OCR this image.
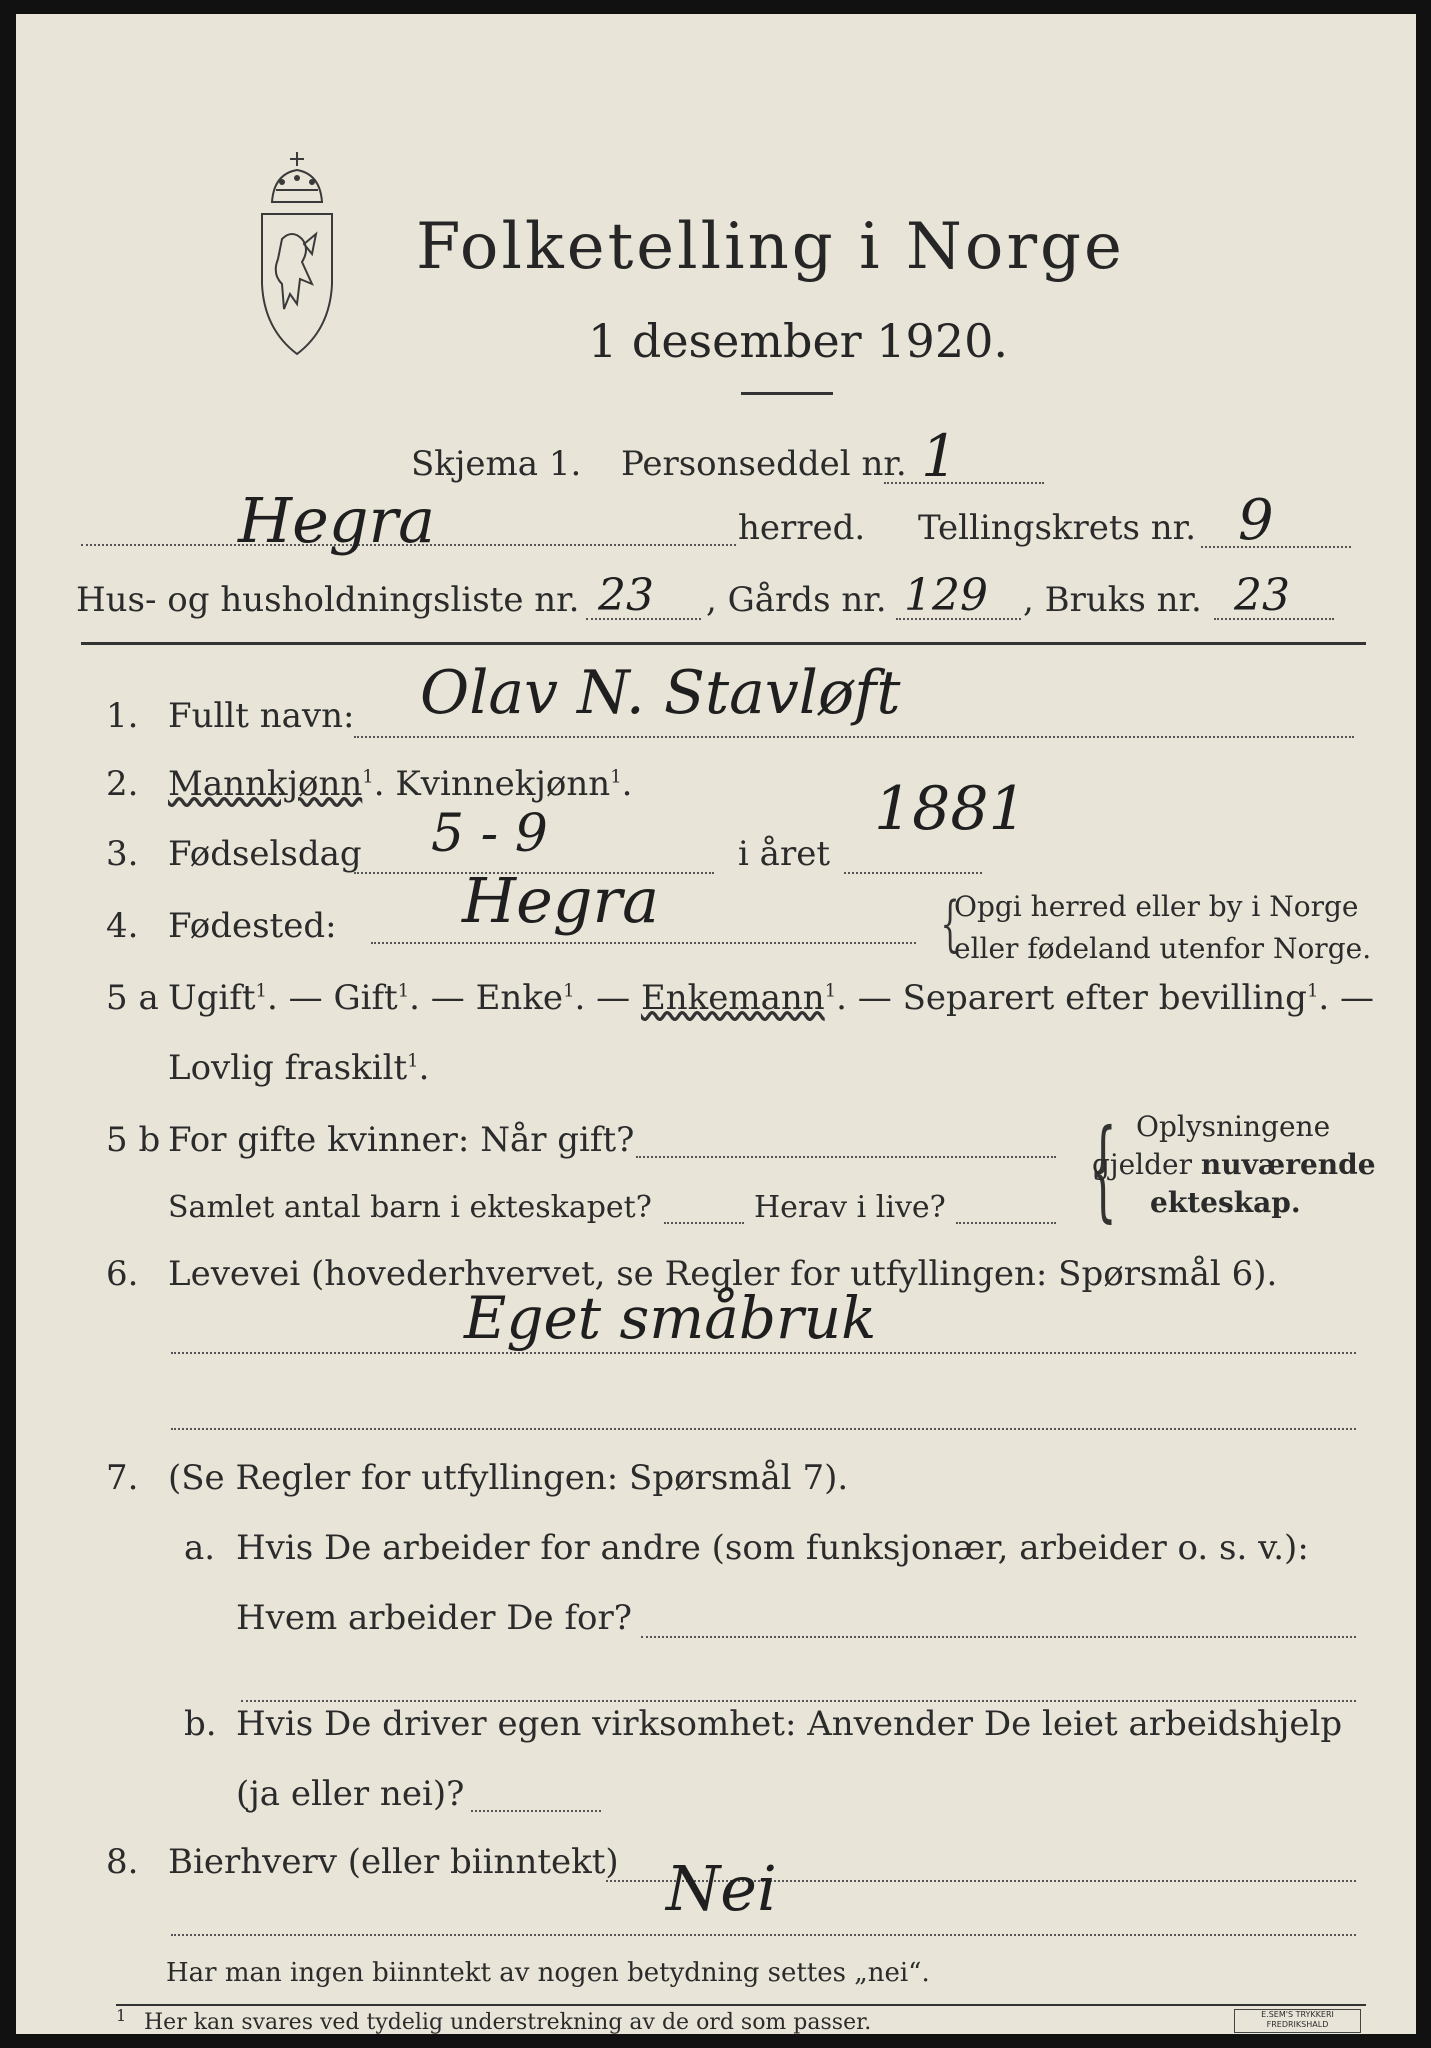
Folketelling i Norge
1 desember 1920.
Skjema 1. Personseddel nr. 1
Hegra	herred. Tellingskrets nr. 9
Hus- og husholdningsliste nr. 23 , Gårds nr. 129 , Bruks nr. 23
1. Fullt navn: Olav N. Stavløft
2. Mannkjønn$^1$. Kvinnekjønn$^1$.
3. Fødselsdag 5 - 9	i året
1881
4. Fødested: Hegra	{
Opgi herred eller by i Norge
eller fødeland utenfor Norge.
5 a Ugift$^1$. — Gift$^1$. — Enke$^1$. — Enkemann$^1$. — Separert efter bevilling$^1$. —
Lovlig fraskilt$^1$.
5 b For gifte kvinner: Når gift?
Samlet antal barn i ekteskapet?	Herav i live? { Oplysningene
gjelder nuværende
ekteskap.
6. Levevei (hovederhvervet, se Regler for utfyllingen: Spørsmål 6).
Eget småbruk
7. (Se Regler for utfyllingen: Spørsmål 7).
a. Hvis De arbeider for andre (som funksjonær, arbeider o. s. v.):
Hvem arbeider De for?
b. Hvis De driver egen virksomhet: Anvender De leiet arbeidshjelp
(ja eller nei)?
8. Bierhverv (eller biinntekt) Nei
Har man ingen biinntekt av nogen betydning settes „nei“.
1 Her kan svares ved tydelig understrekning av de ord som passer.	E.SEM'S TRYKKERI
FREDRIKSHALD
